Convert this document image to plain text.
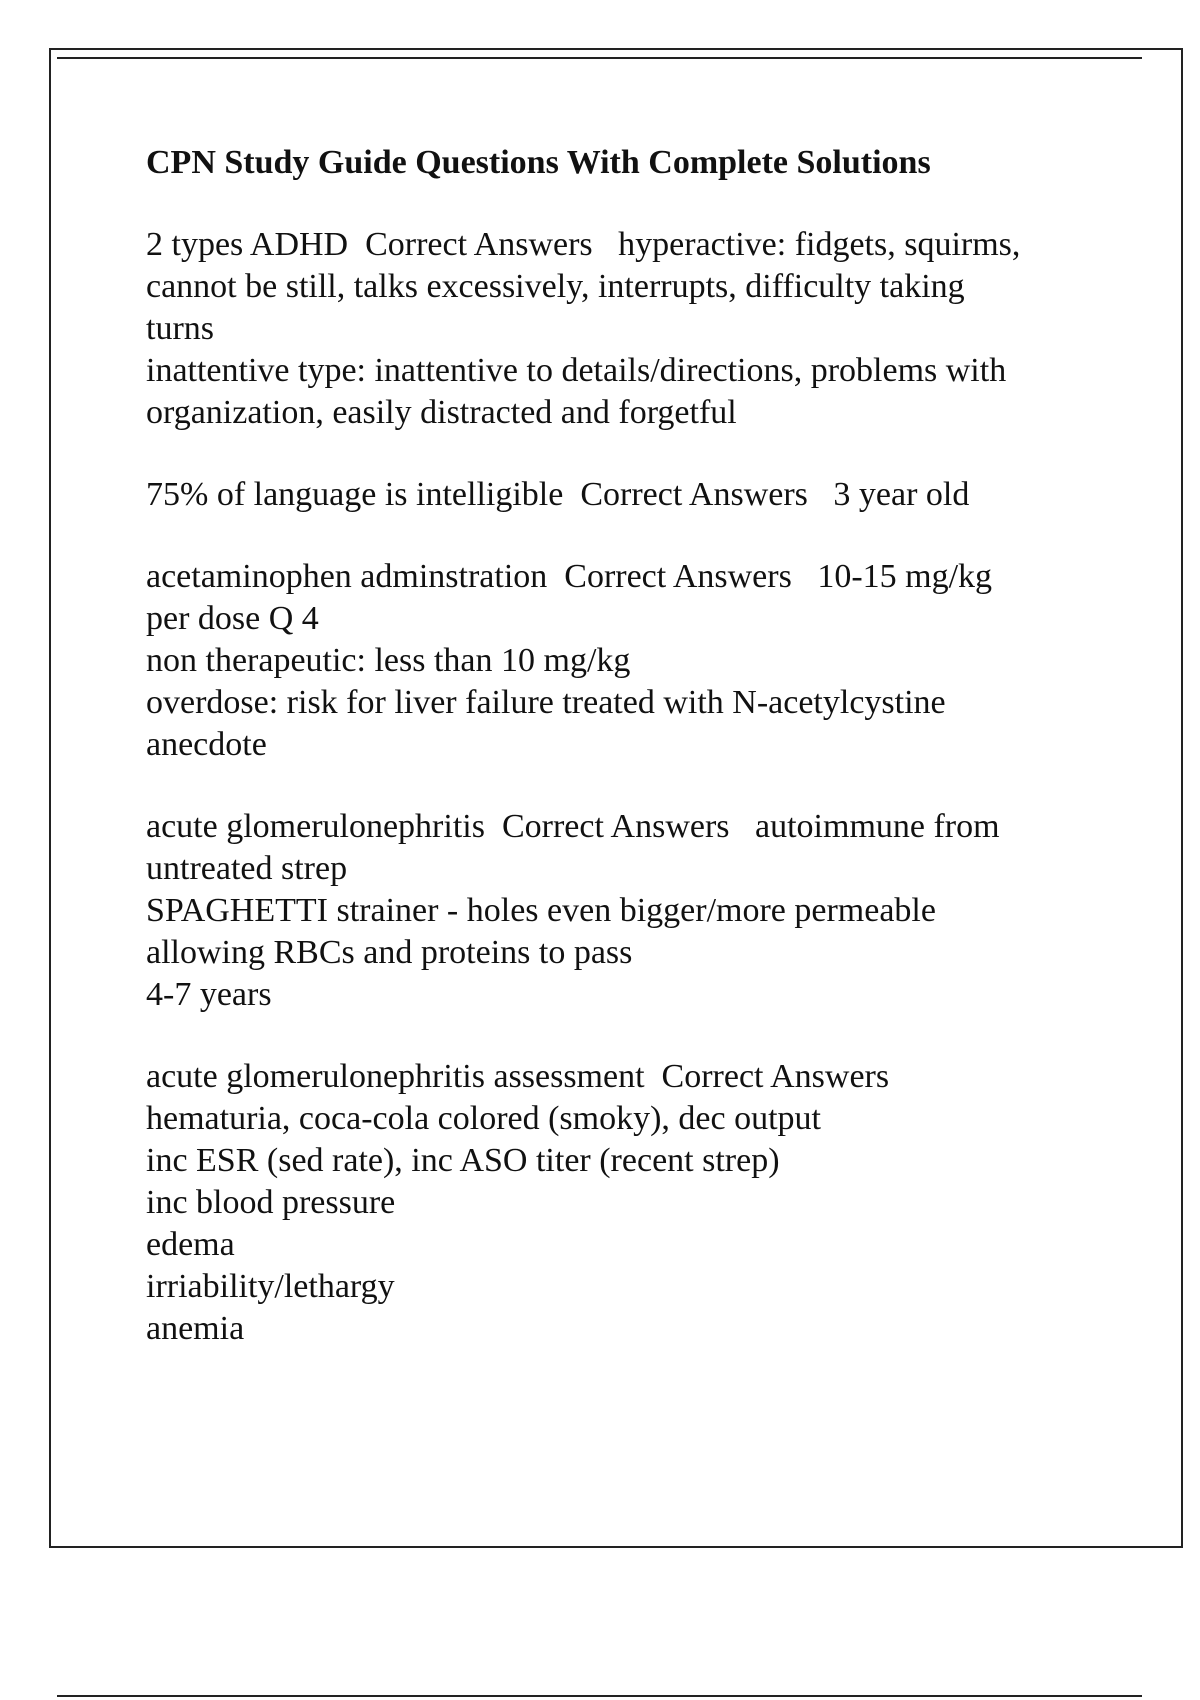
CPN Study Guide Questions With Complete Solutions
2 types ADHD  Correct Answers   hyperactive: fidgets, squirms,
cannot be still, talks excessively, interrupts, difficulty taking
turns
inattentive type: inattentive to details/directions, problems with
organization, easily distracted and forgetful
75% of language is intelligible  Correct Answers   3 year old
acetaminophen adminstration  Correct Answers   10-15 mg/kg
per dose Q 4
non therapeutic: less than 10 mg/kg
overdose: risk for liver failure treated with N-acetylcystine
anecdote
acute glomerulonephritis  Correct Answers   autoimmune from
untreated strep
SPAGHETTI strainer - holes even bigger/more permeable
allowing RBCs and proteins to pass
4-7 years
acute glomerulonephritis assessment  Correct Answers
hematuria, coca-cola colored (smoky), dec output
inc ESR (sed rate), inc ASO titer (recent strep)
inc blood pressure
edema
irriability/lethargy
anemia
